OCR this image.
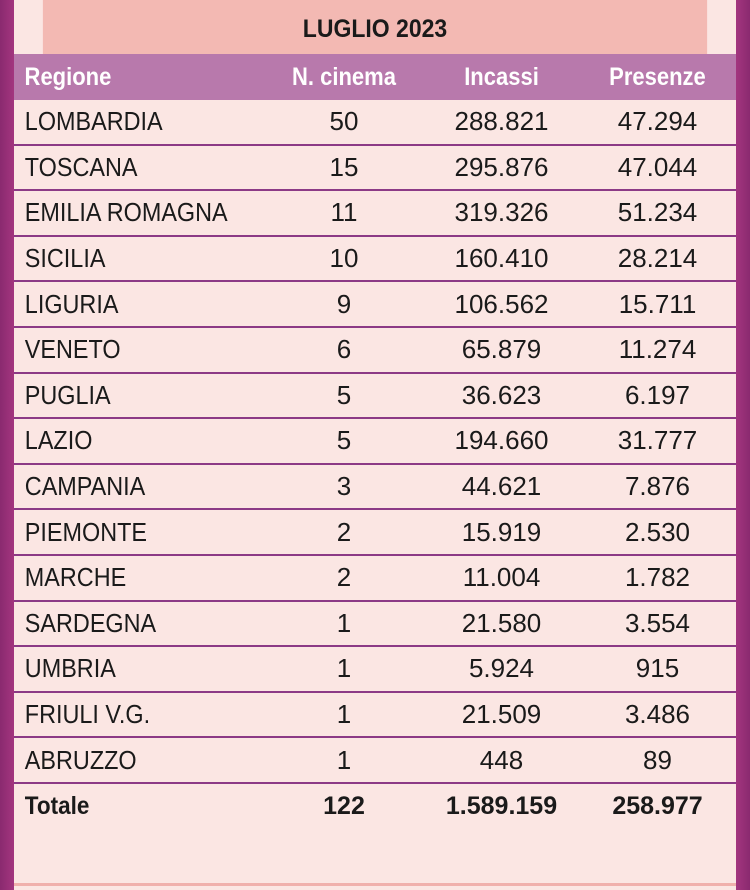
LUGLIO 2023
Regione	N. cinema	Incassi	Presenze
LOMBARDIA	50	288.821	47.294
TOSCANA	15	295.876	47.044
EMILIA ROMAGNA	11	319.326	51.234
SICILIA	10	160.410	28.214
LIGURIA	9	106.562	15.711
VENETO	6	65.879	11.274
PUGLIA	5	36.623	6.197
LAZIO	5	194.660	31.777
CAMPANIA	3	44.621	7.876
PIEMONTE	2	15.919	2.530
MARCHE	2	11.004	1.782
SARDEGNA	1	21.580	3.554
UMBRIA	1	5.924	915
FRIULI V.G.	1	21.509	3.486
ABRUZZO	1	448	89
Totale	122	1.589.159	258.977
